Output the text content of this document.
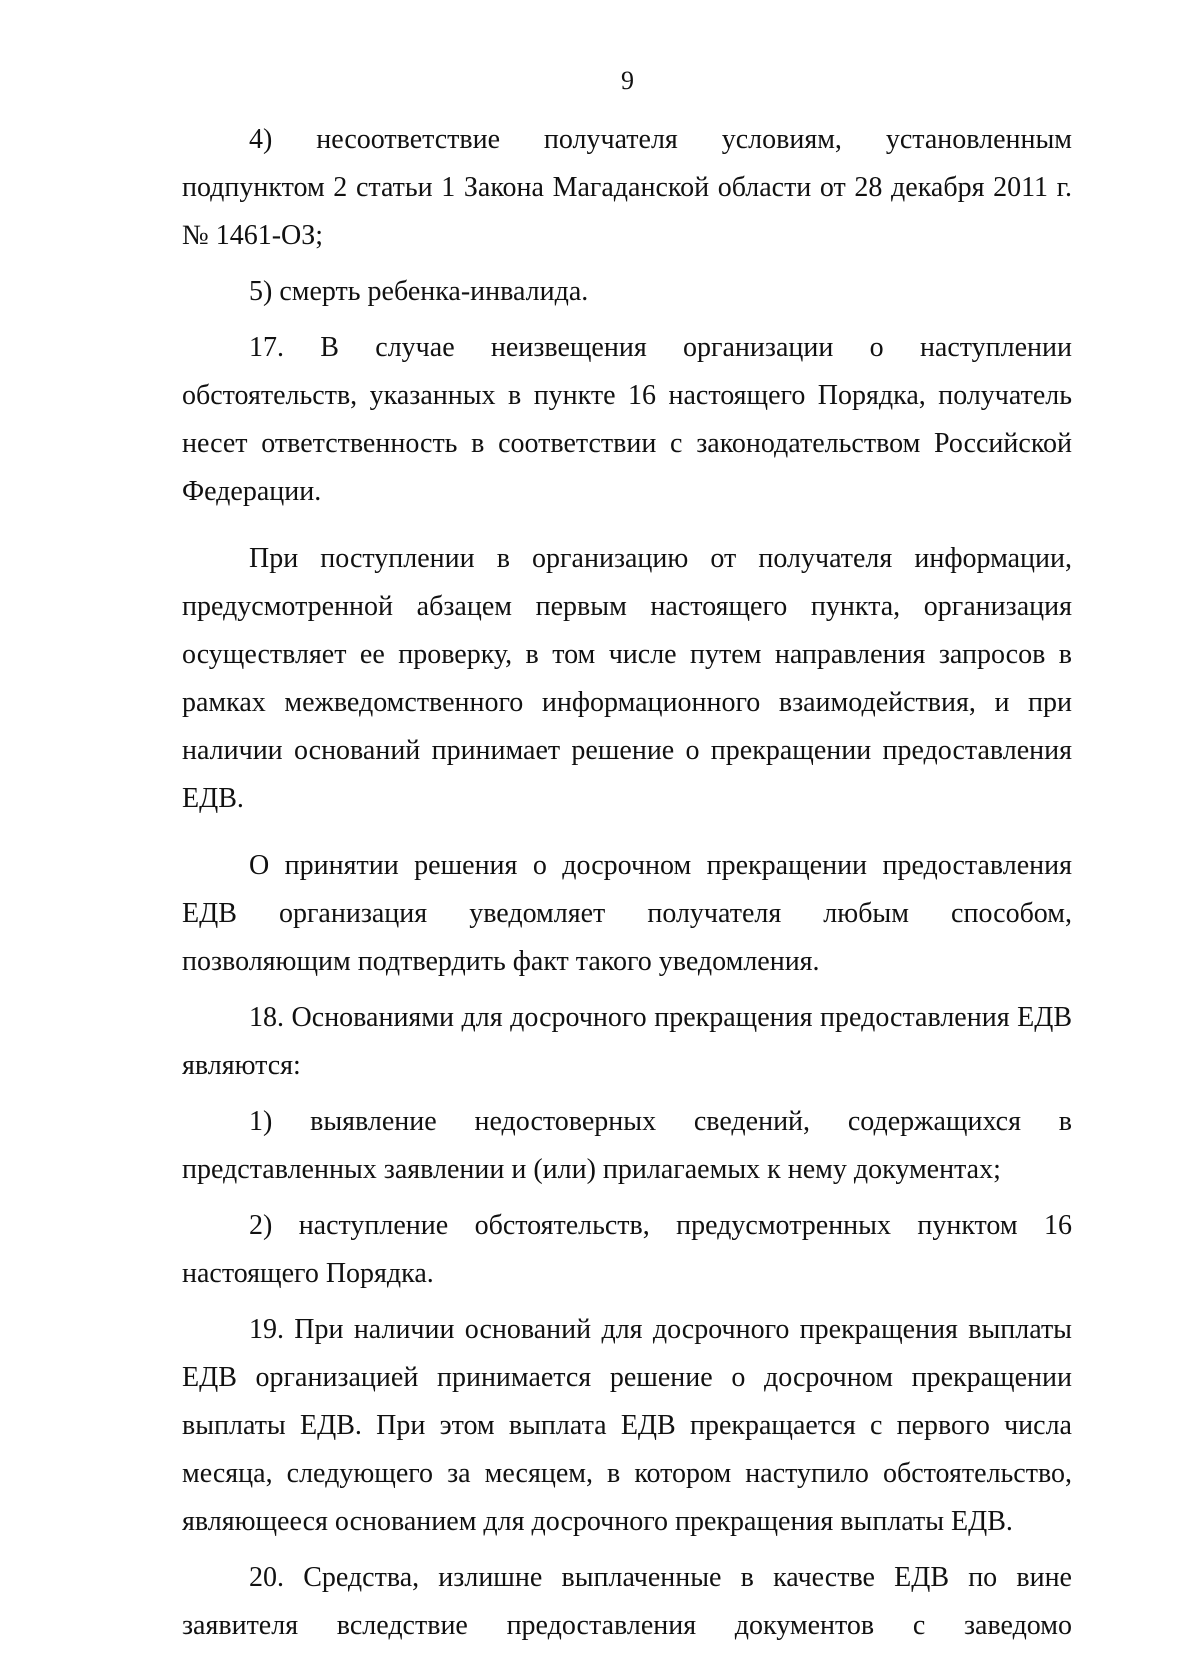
9

4) несоответствие получателя условиям, установленным подпунктом 2 статьи 1 Закона Магаданской области от 28 декабря 2011 г. № 1461-ОЗ;

5) смерть ребенка-инвалида.

17. В случае неизвещения организации о наступлении обстоятельств, указанных в пункте 16 настоящего Порядка, получатель несет ответственность в соответствии с законодательством Российской Федерации.

При поступлении в организацию от получателя информации, предусмотренной абзацем первым настоящего пункта, организация осуществляет ее проверку, в том числе путем направления запросов в рамках межведомственного информационного взаимодействия, и при наличии оснований принимает решение о прекращении предоставления ЕДВ.

О принятии решения о досрочном прекращении предоставления ЕДВ организация уведомляет получателя любым способом, позволяющим подтвердить факт такого уведомления.

18. Основаниями для досрочного прекращения предоставления ЕДВ являются:

1) выявление недостоверных сведений, содержащихся в представленных заявлении и (или) прилагаемых к нему документах;

2) наступление обстоятельств, предусмотренных пунктом 16 настоящего Порядка.

19. При наличии оснований для досрочного прекращения выплаты ЕДВ организацией принимается решение о досрочном прекращении выплаты ЕДВ. При этом выплата ЕДВ прекращается с первого числа месяца, следующего за месяцем, в котором наступило обстоятельство, являющееся основанием для досрочного прекращения выплаты ЕДВ.

20. Средства, излишне выплаченные в качестве ЕДВ по вине заявителя вследствие предоставления документов с заведомо
